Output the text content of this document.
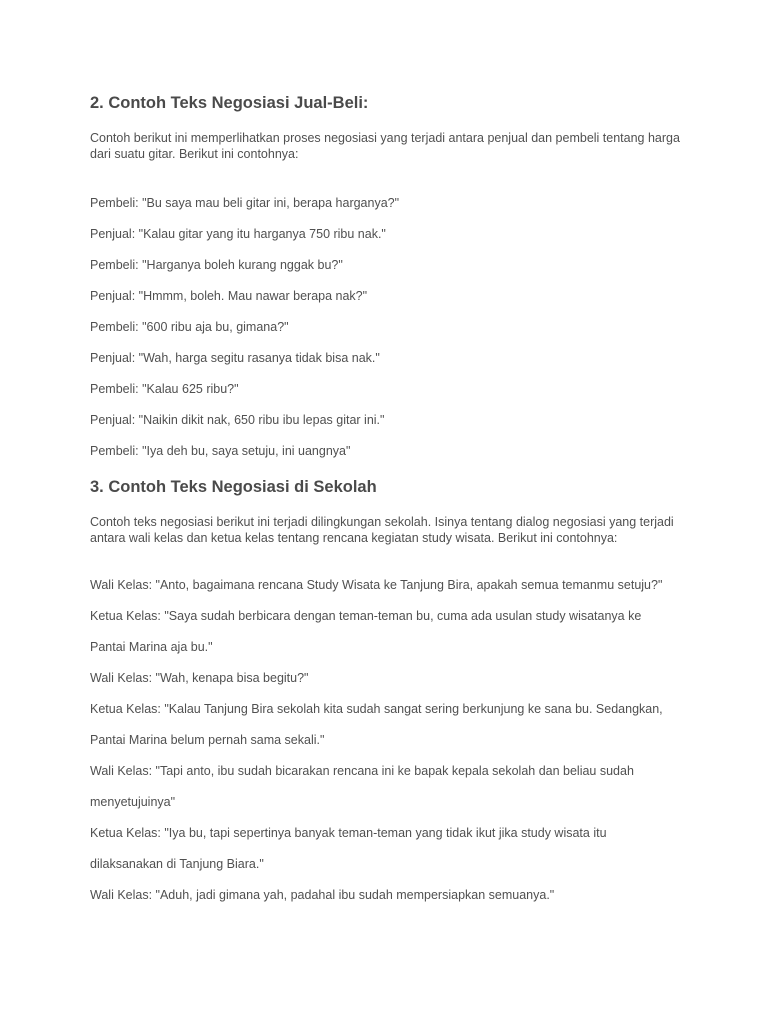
2. Contoh Teks Negosiasi Jual-Beli:

Contoh berikut ini memperlihatkan proses negosiasi yang terjadi antara penjual dan pembeli tentang harga dari suatu gitar. Berikut ini contohnya:

Pembeli: "Bu saya mau beli gitar ini, berapa harganya?"

Penjual: "Kalau gitar yang itu harganya 750 ribu nak."

Pembeli: "Harganya boleh kurang nggak bu?"

Penjual: "Hmmm, boleh. Mau nawar berapa nak?"

Pembeli: "600 ribu aja bu, gimana?"

Penjual: "Wah, harga segitu rasanya tidak bisa nak."

Pembeli: "Kalau 625 ribu?"

Penjual: "Naikin dikit nak, 650 ribu ibu lepas gitar ini."

Pembeli: "Iya deh bu, saya setuju, ini uangnya"

3. Contoh Teks Negosiasi di Sekolah

Contoh teks negosiasi berikut ini terjadi dilingkungan sekolah. Isinya tentang dialog negosiasi yang terjadi antara wali kelas dan ketua kelas tentang rencana kegiatan study wisata. Berikut ini contohnya:

Wali Kelas: "Anto, bagaimana rencana Study Wisata ke Tanjung Bira, apakah semua temanmu setuju?"

Ketua Kelas: "Saya sudah berbicara dengan teman-teman bu, cuma ada usulan study wisatanya ke

Pantai Marina aja bu."

Wali Kelas: "Wah, kenapa bisa begitu?"

Ketua Kelas: "Kalau Tanjung Bira sekolah kita sudah sangat sering berkunjung ke sana bu. Sedangkan,

Pantai Marina belum pernah sama sekali."

Wali Kelas: "Tapi anto, ibu sudah bicarakan rencana ini ke bapak kepala sekolah dan beliau sudah

menyetujuinya"

Ketua Kelas: "Iya bu, tapi sepertinya banyak teman-teman yang tidak ikut jika study wisata itu

dilaksanakan di Tanjung Biara."

Wali Kelas: "Aduh, jadi gimana yah, padahal ibu sudah mempersiapkan semuanya."
